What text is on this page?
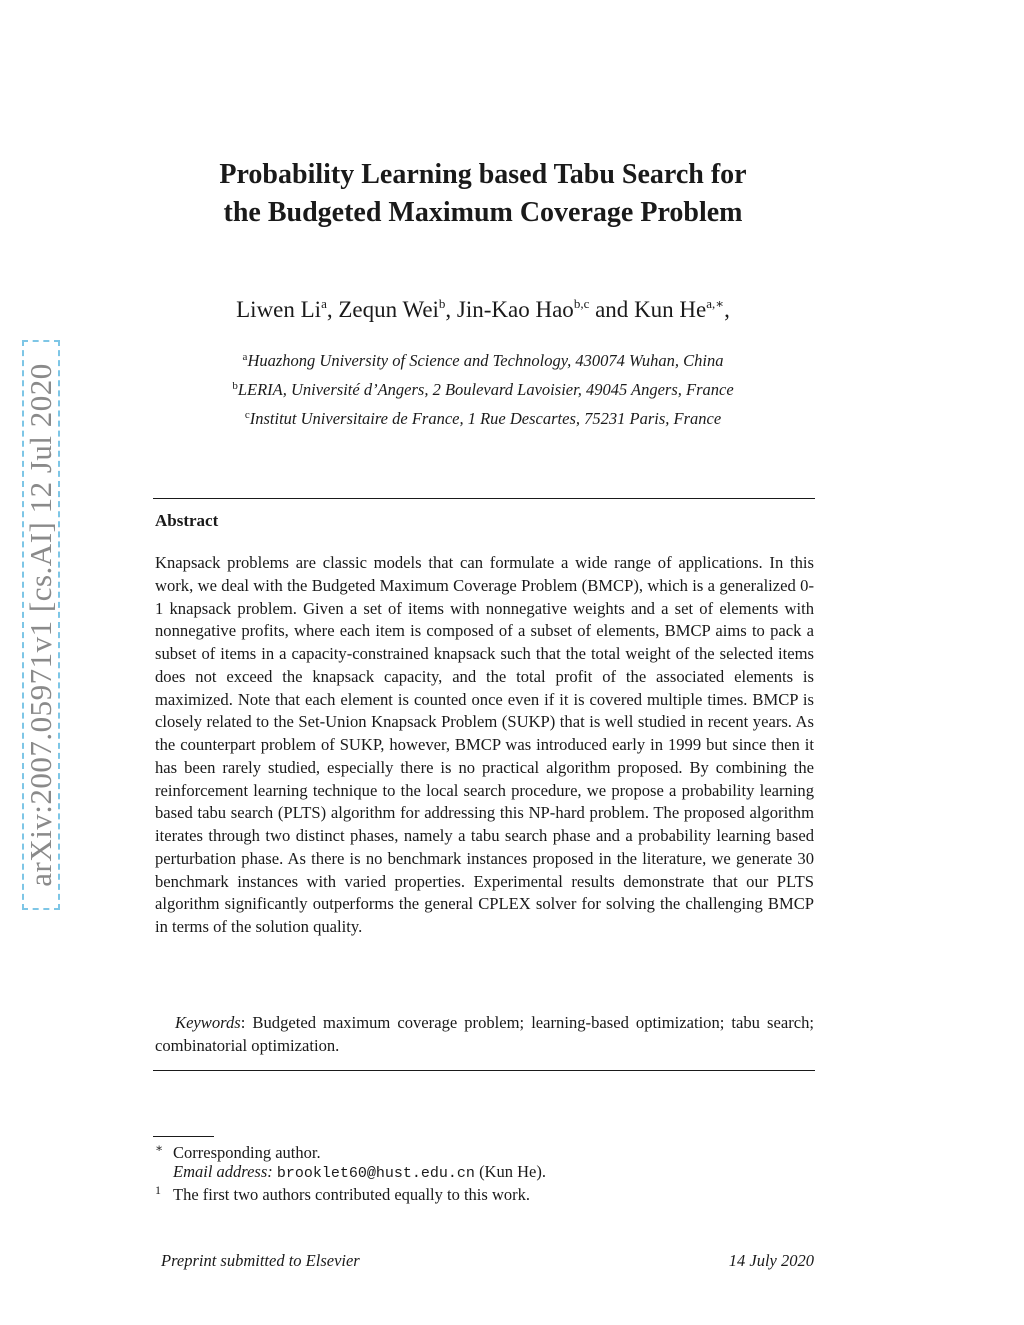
arXiv:2007.05971v1 [cs.AI] 12 Jul 2020
Probability Learning based Tabu Search for
the Budgeted Maximum Coverage Problem

Liwen Li$^a$, Zequn Wei$^b$, Jin-Kao Hao$^{b,c}$ and Kun $He^{a,∗}$,

$^a$Huazhong University of Science and Technology, 430074 Wuhan, China

$^b$LERIA, Université d’Angers, 2 Boulevard Lavoisier, 49045 Angers, France

$^c$Institut Universitaire de France, 1 Rue Descartes, 75231 Paris, France

Abstract

Knapsack problems are classic models that can formulate a wide range of applications. In this work, we deal with the Budgeted Maximum Coverage Problem (BMCP), which is a generalized 0-1 knapsack problem. Given a set of items with nonnegative weights and a set of elements with nonnegative profits, where each item is composed of a subset of elements, BMCP aims to pack a subset of items in a capacity-constrained knapsack such that the total weight of the selected items does not exceed the knapsack capacity, and the total profit of the associated elements is maximized. Note that each element is counted once even if it is covered multiple times. BMCP is closely related to the Set-Union Knapsack Problem (SUKP) that is well studied in recent years. As the counterpart problem of SUKP, however, BMCP was introduced early in 1999 but since then it has been rarely studied, especially there is no practical algorithm proposed. By combining the reinforcement learning technique to the local search procedure, we propose a probability learning based tabu search (PLTS) algorithm for addressing this NP-hard problem. The proposed algorithm iterates through two distinct phases, namely a tabu search phase and a probability learning based perturbation phase. As there is no benchmark instances proposed in the literature, we generate 30 benchmark instances with varied properties. Experimental results demonstrate that our PLTS algorithm significantly outperforms the general CPLEX solver for solving the challenging BMCP in terms of the solution quality.

Keywords: Budgeted maximum coverage problem; learning-based optimization; tabu search; combinatorial optimization.

∗ Corresponding author.

Email address: brooklet60@hust.edu.cn (Kun He).

1 The first two authors contributed equally to this work.

Preprint submitted to Elsevier	14 July 2020
